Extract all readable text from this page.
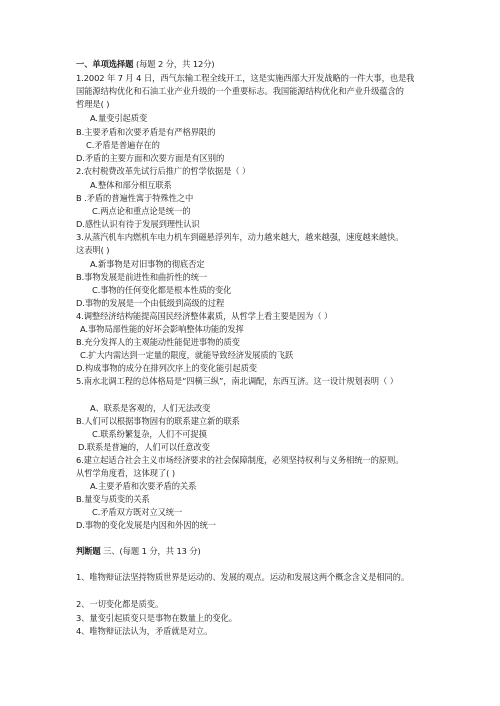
一、单项选择题 (每题 2 分，共 12分)
1.2002 年 7 月 4 日，西气东输工程全线开工，这是实施西部大开发战略的一件大事，也是我
国能源结构优化和石油工业产业升级的一个重要标志。我国能源结构优化和产业升级蕴含的
哲理是( )
A.量变引起质变
B.主要矛盾和次要矛盾是有严格界限的
C.矛盾是普遍存在的
D.矛盾的主要方面和次要方面是有区别的
2.农村税费改革先试行后推广的哲学依据是（ ）
A.整体和部分相互联系
B .矛盾的普遍性寓于特殊性之中
C.两点论和重点论是统一的
D.感性认识有待于发展到理性认识
3.从蒸汽机车内燃机车电力机车到磁悬浮列车，动力越来越大，越来越强，速度越来越快。
这表明( )
A.新事物是对旧事物的彻底否定
B.事物发展是前进性和曲折性的统一
C.事物的任何变化都是根本性质的变化
D.事物的发展是一个由低级到高级的过程
4.调整经济结构能提高国民经济整体素质，从哲学上看主要是因为（ ）
A.事物局部性能的好坏会影响整体功能的发挥
B.充分发挥人的主观能动性能促进事物的质变
C.扩大内需达到一定量的限度，就能导致经济发展质的飞跃
D.构成事物的成分在排列次序上的变化能引起质变
5.南水北调工程的总体格局是“四横三纵”，南北调配，东西互济。这一设计规划表明（ ）
A、联系是客观的，人们无法改变
B.人们可以根据事物固有的联系建立新的联系
C.联系纷繁复杂，人们不可捉摸
D.联系是普遍的，人们可以任意改变
6.建立起适合社会主义市场经济要求的社会保障制度，必须坚持权利与义务相统一的原则。
从哲学角度看，这体现了( )
A.主要矛盾和次要矛盾的关系
B.量变与质变的关系
C.矛盾双方既对立又统一
D.事物的变化发展是内因和外因的统一
判断题 三、(每题 1 分，共 13 分)
1、唯物辩证法坚持物质世界是运动的、发展的观点。运动和发展这两个概念含义是相同的。
2、一切变化都是质变。
3、量变引起质变只是事物在数量上的变化。
4、唯物辩证法认为，矛盾就是对立。
